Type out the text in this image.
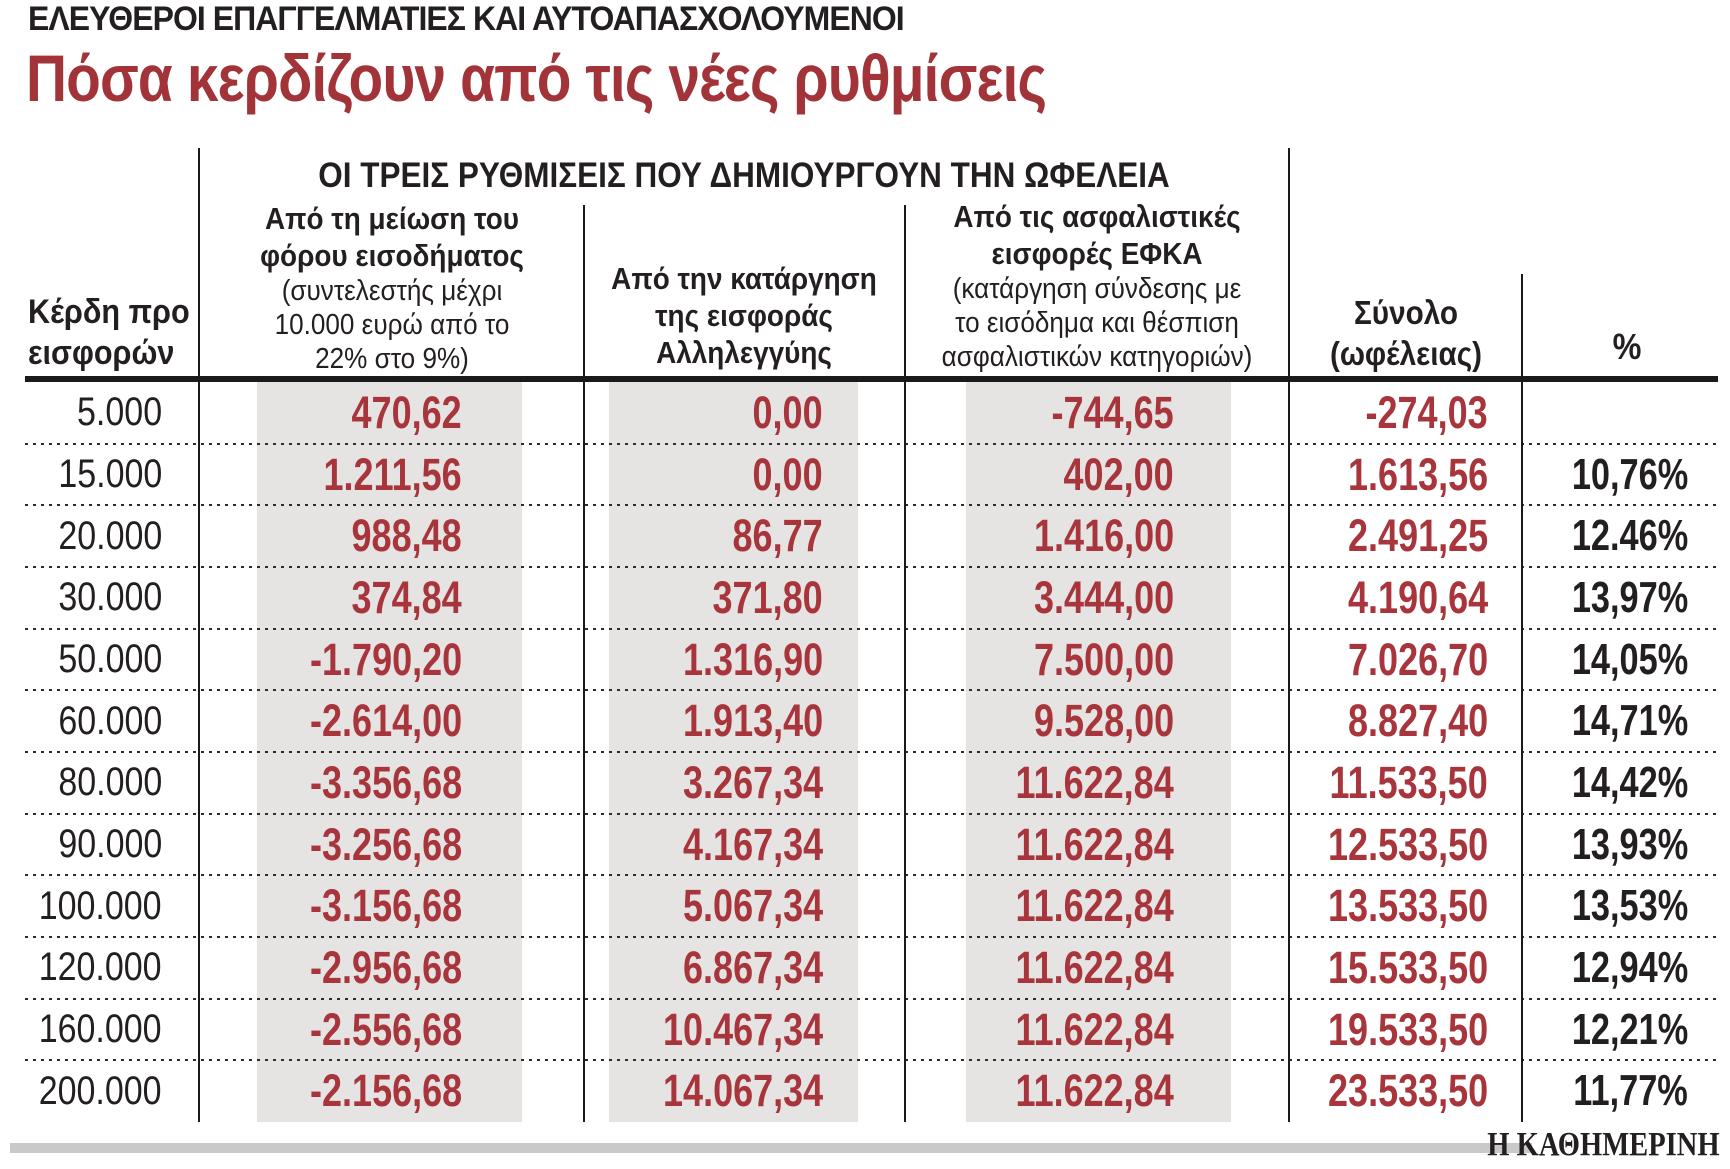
ΕΛΕΥΘΕΡΟΙ ΕΠΑΓΓΕΛΜΑΤΙΕΣ ΚΑΙ ΑΥΤΟΑΠΑΣΧΟΛΟΥΜΕΝΟΙ
Πόσα κερδίζουν από τις νέες ρυθμίσεις
ΟΙ ΤΡΕΙΣ ΡΥΘΜΙΣΕΙΣ ΠΟΥ ΔΗΜΙΟΥΡΓΟΥΝ ΤΗΝ ΩΦΕΛΕΙΑ
Κέρδη προ
εισφορών
Από τη μείωση του
φόρου εισοδήματος
(συντελεστής μέχρι
10.000 ευρώ από το
22% στο 9%)
Από την κατάργηση
της εισφοράς
Αλληλεγγύης
Από τις ασφαλιστικές
εισφορές ΕΦΚΑ
(κατάργηση σύνδεσης με
το εισόδημα και θέσπιση
ασφαλιστικών κατηγοριών)
Σύνολο
(ωφέλειας)	%
5.000	470,62	0,00	-744,65	-274,03
15.000	1.211,56	0,00	402,00	1.613,56 10,76%
20.000	988,48	86,77	1.416,00	2.491,25 12.46%
30.000	374,84	371,80	3.444,00	4.190,64 13,97%
50.000	-1.790,20	1.316,90	7.500,00	7.026,70 14,05%
60.000	-2.614,00	1.913,40	9.528,00	8.827,40 14,71%
80.000	-3.356,68	3.267,34	11.622,84	11.533,50 14,42%
90.000	-3.256,68	4.167,34	11.622,84	12.533,50 13,93%
100.000	-3.156,68	5.067,34	11.622,84	13.533,50 13,53%
120.000	-2.956,68	6.867,34	11.622,84	15.533,50 12,94%
160.000	-2.556,68	10.467,34	11.622,84	19.533,50 12,21%
200.000	-2.156,68	14.067,34	11.622,84	23.533,50 11,77%
Η ΚΑΘΗΜΕΡΙΝΗ
